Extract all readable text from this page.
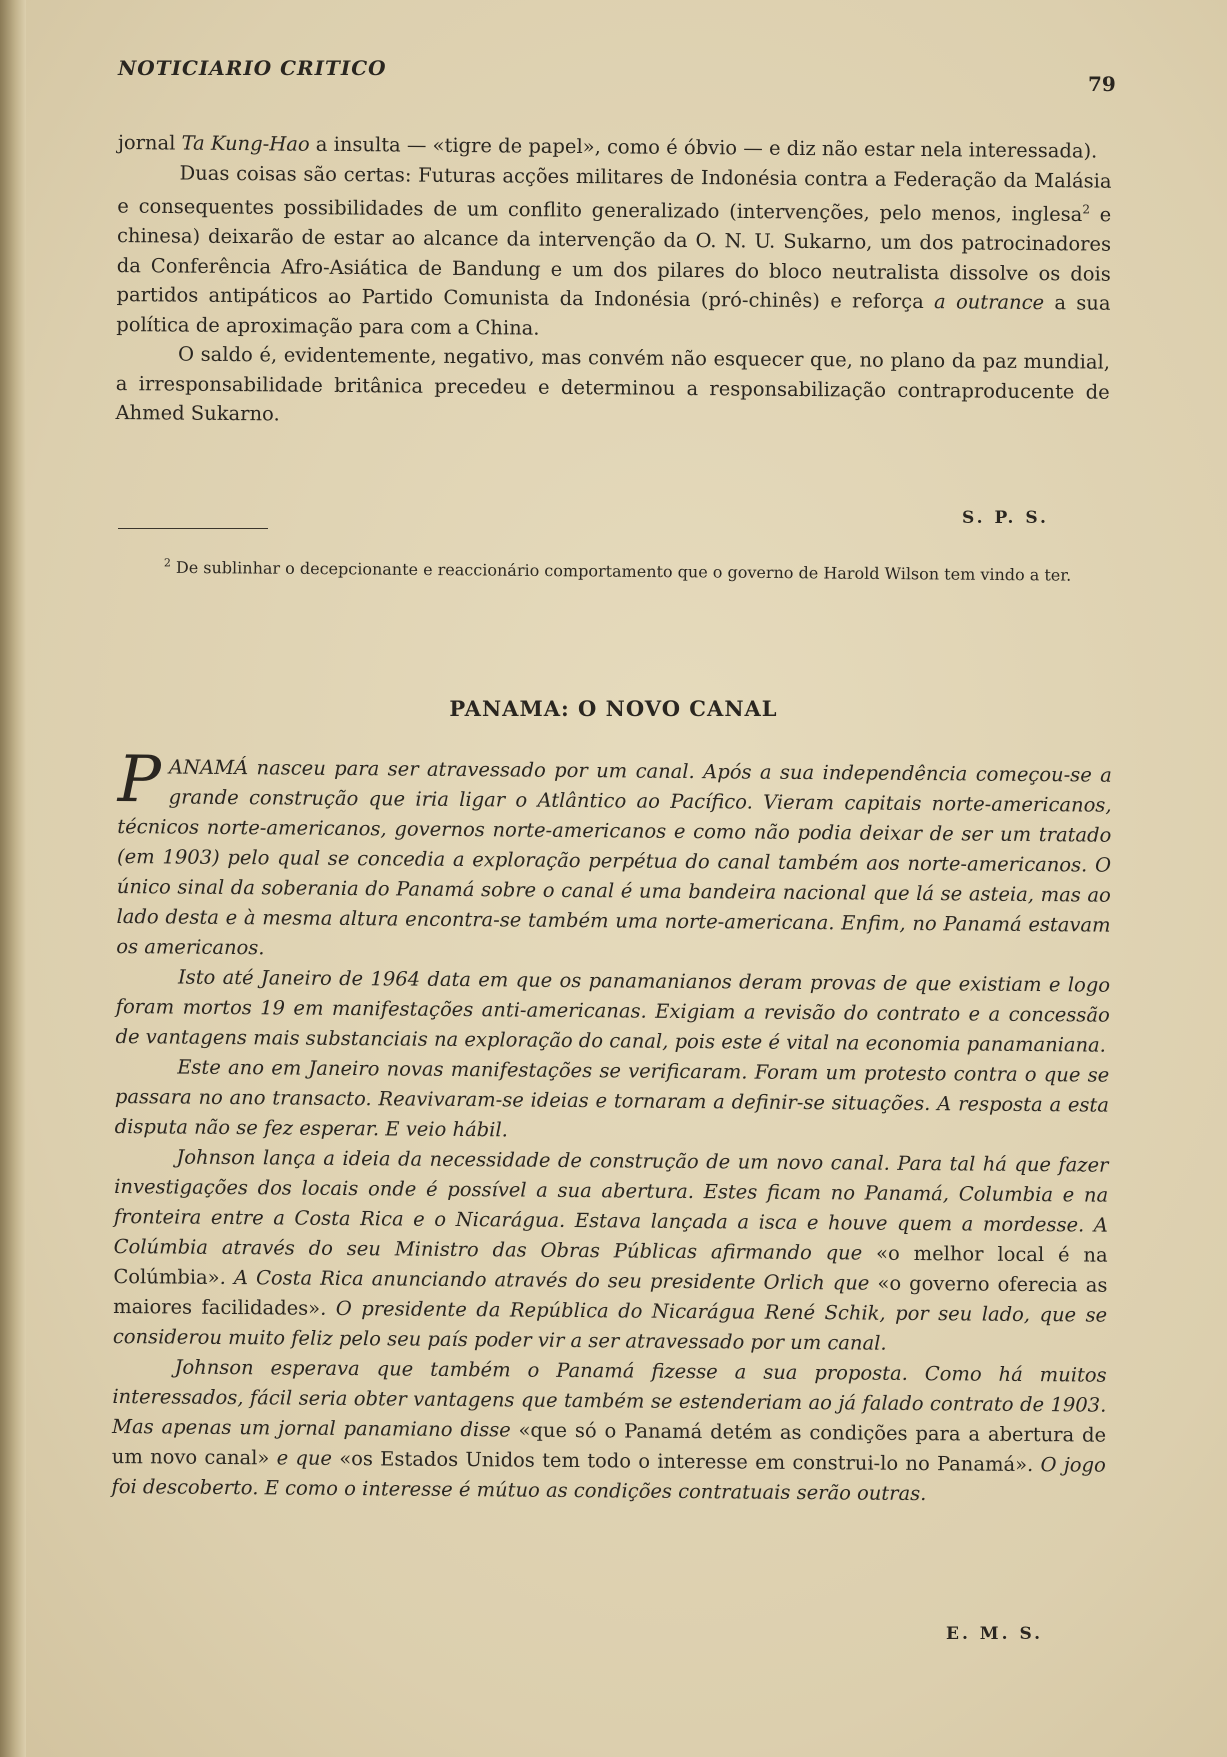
NOTICIARIO CRITICO
79

jornal Ta Kung-Hao a insulta — «tigre de papel», como é óbvio — e diz não estar nela interessada).

Duas coisas são certas: Futuras acções militares de Indonésia contra a Federação da Malásia e consequentes possibilidades de um conflito generalizado (intervenções, pelo menos, inglesa$^2$ e chinesa) deixarão de estar ao alcance da intervenção da O. N. U. Sukarno, um dos patrocinadores da Conferência Afro-Asiática de Bandung e um dos pilares do bloco neutralista dissolve os dois partidos antipáticos ao Partido Comunista da Indonésia (pró-chinês) e reforça a outrance a sua política de aproximação para com a China.

O saldo é, evidentemente, negativo, mas convém não esquecer que, no plano da paz mundial, a irresponsabilidade britânica precedeu e determinou a responsabilização contraproducente de Ahmed Sukarno.

S. P. S.

$^2$ De sublinhar o decepcionante e reaccionário comportamento que o governo de Harold Wilson tem vindo a ter.

PANAMA: O NOVO CANAL

PANAMÁ nasceu para ser atravessado por um canal. Após a sua independência começou-se a grande construção que iria ligar o Atlântico ao Pacífico. Vieram capitais norte-americanos, técnicos norte-americanos, governos norte-americanos e como não podia deixar de ser um tratado (em 1903) pelo qual se concedia a exploração perpétua do canal também aos norte-americanos. O único sinal da soberania do Panamá sobre o canal é uma bandeira nacional que lá se asteia, mas ao lado desta e à mesma altura encontra-se também uma norte-americana. Enfim, no Panamá estavam os americanos.

Isto até Janeiro de 1964 data em que os panamanianos deram provas de que existiam e logo foram mortos 19 em manifestações anti-americanas. Exigiam a revisão do contrato e a concessão de vantagens mais substanciais na exploração do canal, pois este é vital na economia panamaniana.

Este ano em Janeiro novas manifestações se verificaram. Foram um protesto contra o que se passara no ano transacto. Reavivaram-se ideias e tornaram a definir-se situações. A resposta a esta disputa não se fez esperar. E veio hábil.

Johnson lança a ideia da necessidade de construção de um novo canal. Para tal há que fazer investigações dos locais onde é possível a sua abertura. Estes ficam no Panamá, Columbia e na fronteira entre a Costa Rica e o Nicarágua. Estava lançada a isca e houve quem a mordesse. A Colúmbia através do seu Ministro das Obras Públicas afirmando que «o melhor local é na Colúmbia». A Costa Rica anunciando através do seu presidente Orlich que «o governo oferecia as maiores facilidades». O presidente da República do Nicarágua René Schik, por seu lado, que se considerou muito feliz pelo seu país poder vir a ser atravessado por um canal.

Johnson esperava que também o Panamá fizesse a sua proposta. Como há muitos interessados, fácil seria obter vantagens que também se estenderiam ao já falado contrato de 1903. Mas apenas um jornal panamiano disse «que só o Panamá detém as condições para a abertura de um novo canal» e que «os Estados Unidos tem todo o interesse em construi-lo no Panamá». O jogo foi descoberto. E como o interesse é mútuo as condições contratuais serão outras.

E. M. S.
